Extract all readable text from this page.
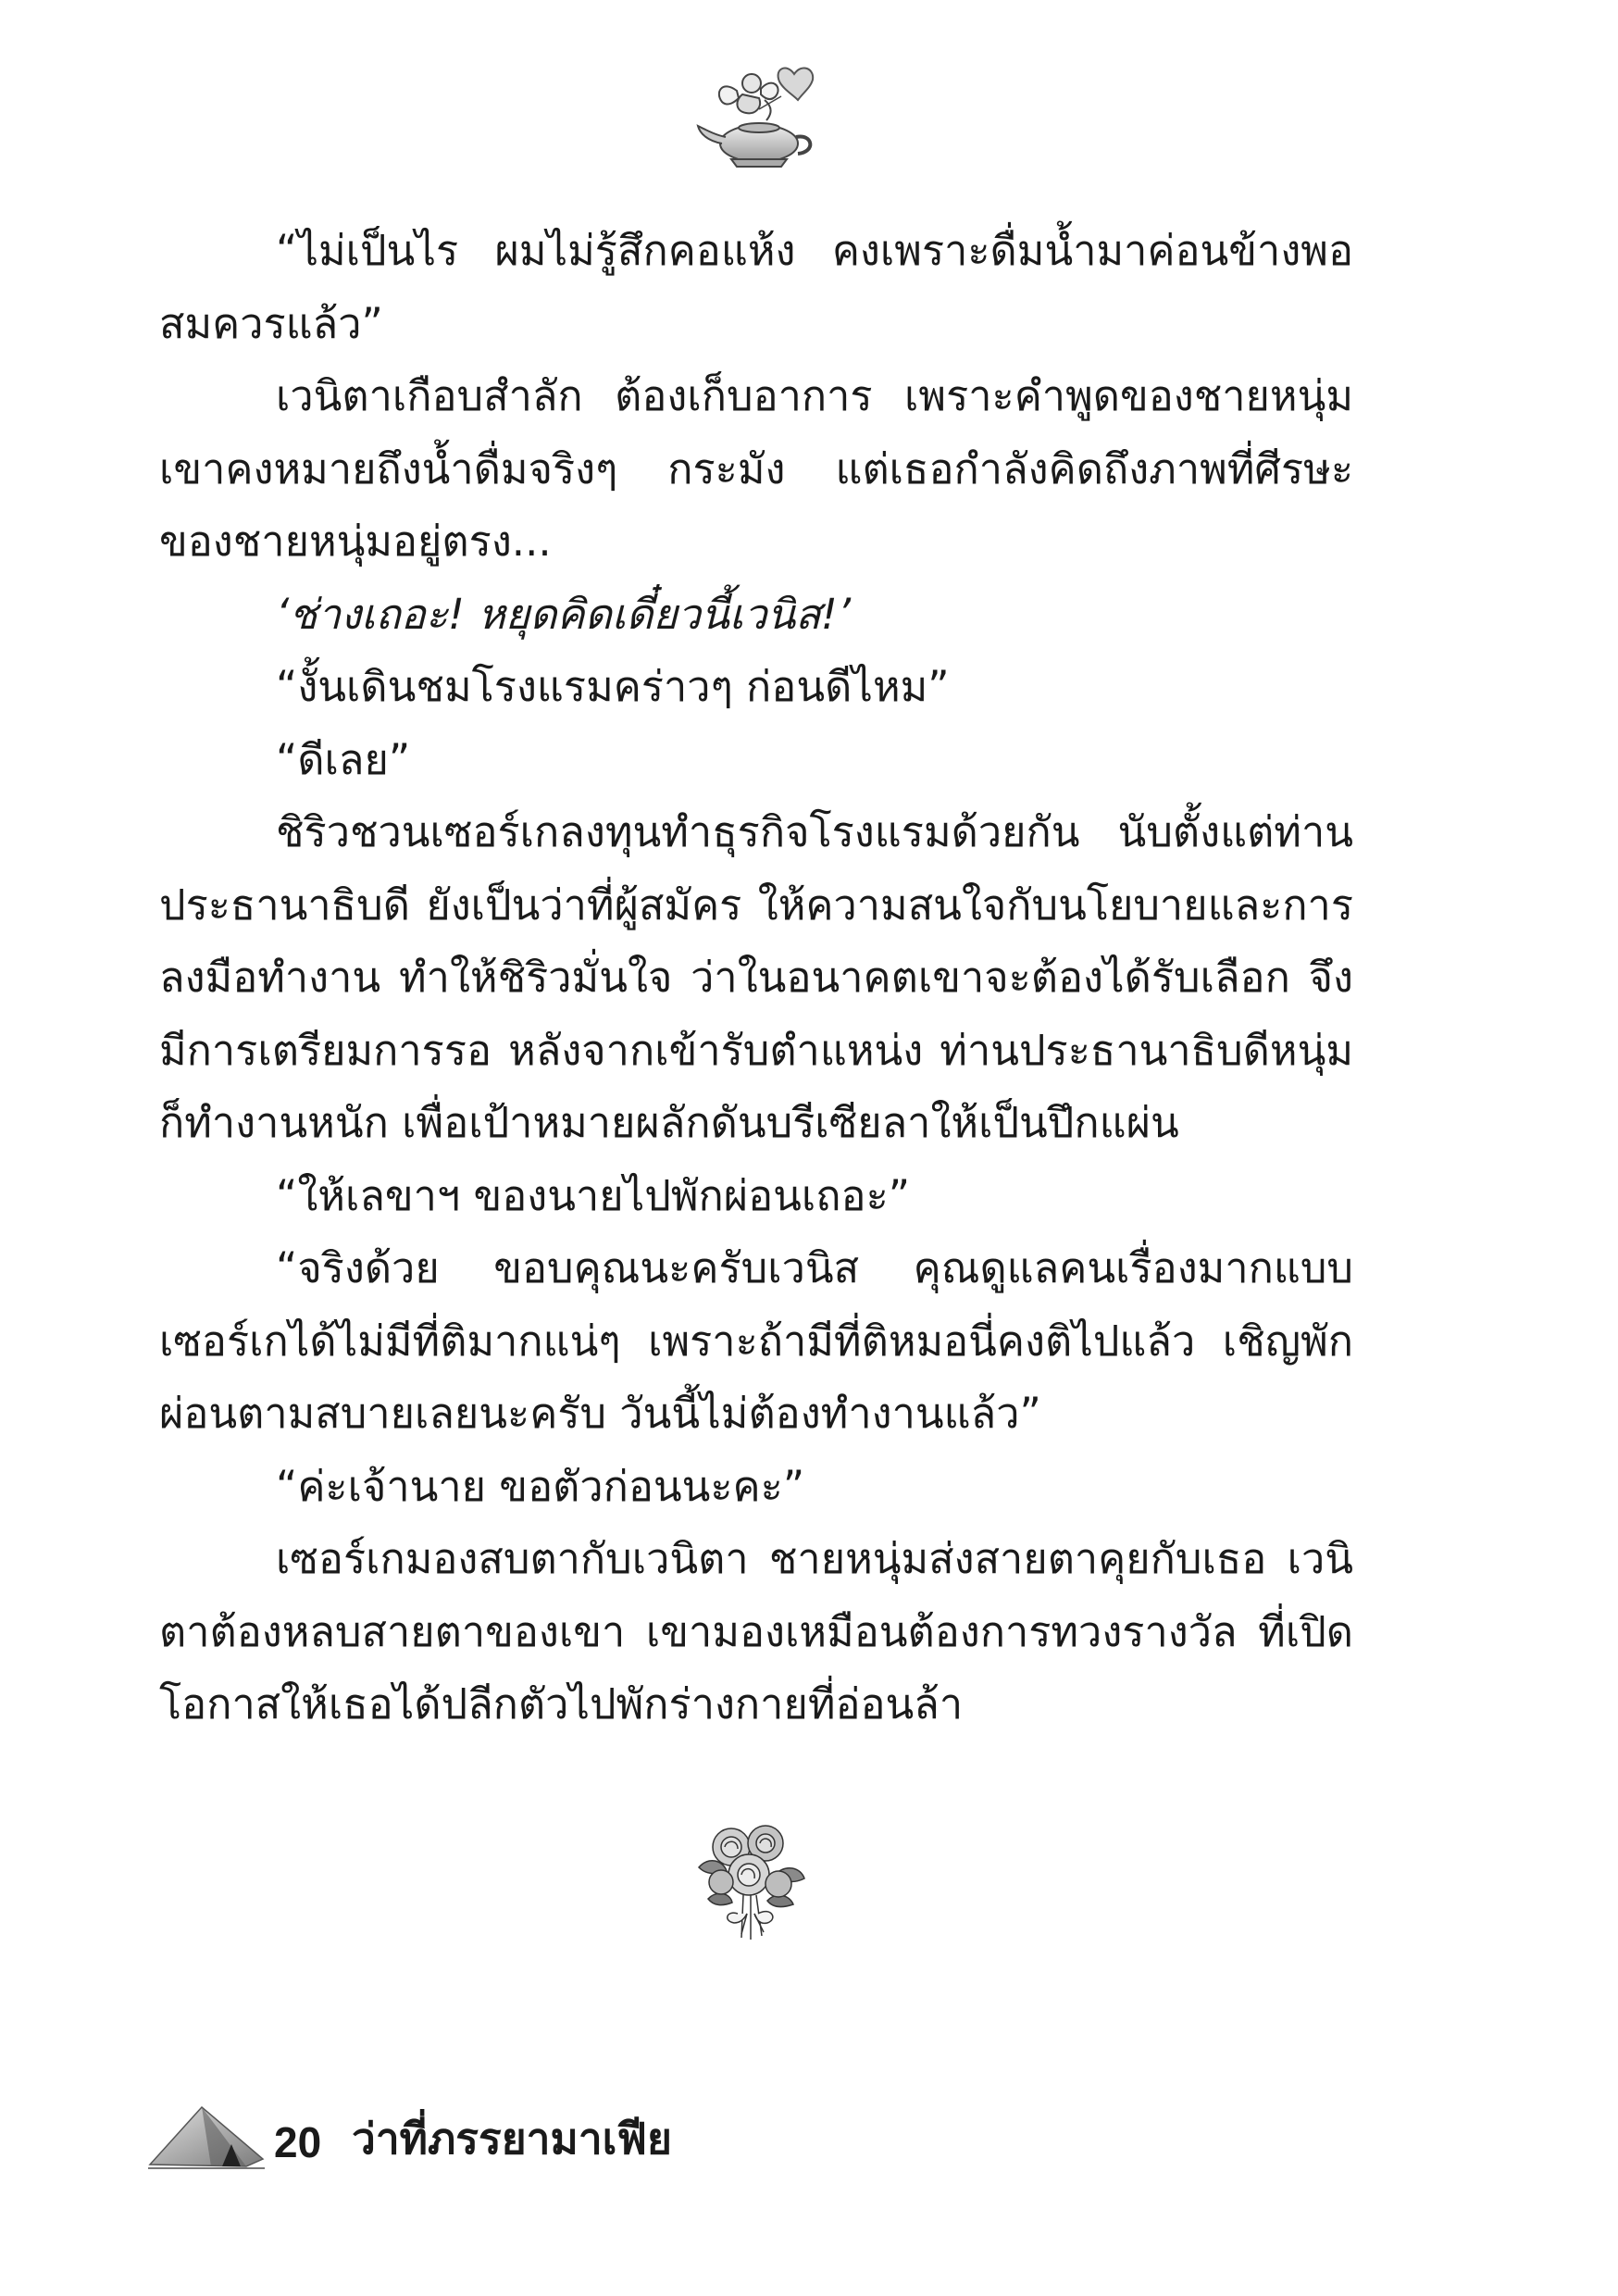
“ไม่เป็นไร ผมไม่รู้สึกคอแห้ง คงเพราะดื่มน้ำมาค่อนข้างพอสมควรแล้ว”

เวนิตาเกือบสำลัก ต้องเก็บอาการ เพราะคำพูดของชายหนุ่ม เขาคงหมายถึงน้ำดื่มจริงๆ กระมัง แต่เธอกำลังคิดถึงภาพที่ศีรษะของชายหนุ่มอยู่ตรง...

‘ช่างเถอะ! หยุดคิดเดี๋ยวนี้เวนิส!’

“งั้นเดินชมโรงแรมคร่าวๆ ก่อนดีไหม”

“ดีเลย”

ชิริวชวนเซอร์เกลงทุนทำธุรกิจโรงแรมด้วยกัน นับตั้งแต่ท่านประธานาธิบดี ยังเป็นว่าที่ผู้สมัคร ให้ความสนใจกับนโยบายและการลงมือทำงาน ทำให้ชิริวมั่นใจ ว่าในอนาคตเขาจะต้องได้รับเลือก จึงมีการเตรียมการรอ หลังจากเข้ารับตำแหน่ง ท่านประธานาธิบดีหนุ่มก็ทำงานหนัก เพื่อเป้าหมายผลักดันบรีเซียลาให้เป็นปึกแผ่น

“ให้เลขาฯ ของนายไปพักผ่อนเถอะ”

“จริงด้วย ขอบคุณนะครับเวนิส คุณดูแลคนเรื่องมากแบบเซอร์เกได้ไม่มีที่ติมากแน่ๆ เพราะถ้ามีที่ติหมอนี่คงติไปแล้ว เชิญพักผ่อนตามสบายเลยนะครับ วันนี้ไม่ต้องทำงานแล้ว”

“ค่ะเจ้านาย ขอตัวก่อนนะคะ”

เซอร์เกมองสบตากับเวนิตา ชายหนุ่มส่งสายตาคุยกับเธอ เวนิตาต้องหลบสายตาของเขา เขามองเหมือนต้องการทวงรางวัล ที่เปิดโอกาสให้เธอได้ปลีกตัวไปพักร่างกายที่อ่อนล้า

20 ว่าที่ภรรยามาเฟีย
